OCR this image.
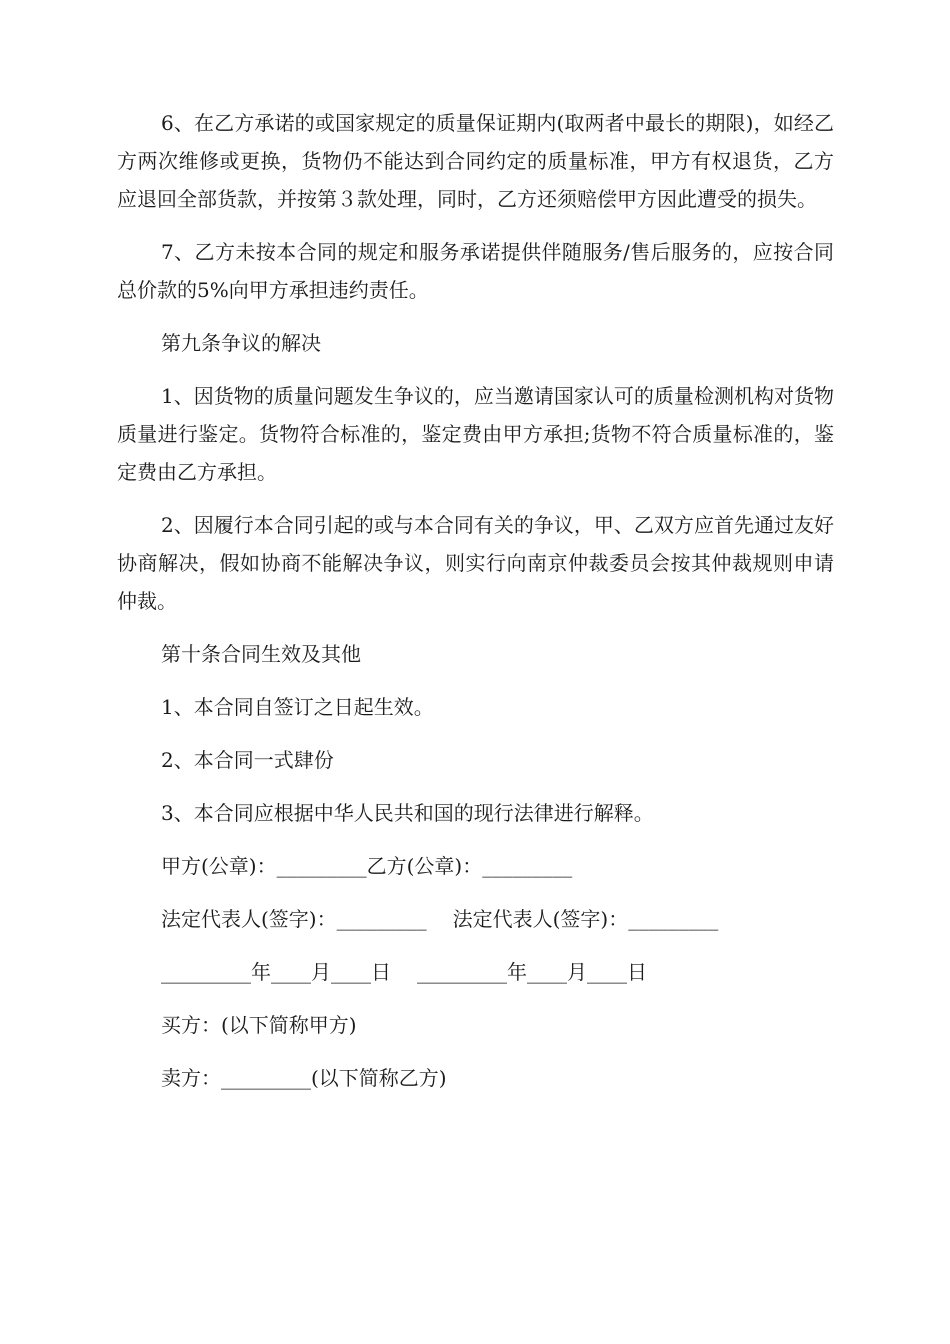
6、在乙方承诺的或国家规定的质量保证期内(取两者中最长的期限)，如经乙方两次维修或更换，货物仍不能达到合同约定的质量标准，甲方有权退货，乙方应退回全部货款，并按第３款处理，同时，乙方还须赔偿甲方因此遭受的损失。

7、乙方未按本合同的规定和服务承诺提供伴随服务/售后服务的，应按合同总价款的5%向甲方承担违约责任。

第九条争议的解决

1、因货物的质量问题发生争议的，应当邀请国家认可的质量检测机构对货物质量进行鉴定。货物符合标准的，鉴定费由甲方承担;货物不符合质量标准的，鉴定费由乙方承担。

2、因履行本合同引起的或与本合同有关的争议，甲、乙双方应首先通过友好协商解决，假如协商不能解决争议，则实行向南京仲裁委员会按其仲裁规则申请仲裁。

第十条合同生效及其他

1、本合同自签订之日起生效。

2、本合同一式肆份

3、本合同应根据中华人民共和国的现行法律进行解释。

甲方(公章)：_________乙方(公章)：_________
法定代表人(签字)：_________ 法定代表人(签字)：_________
_________年____月____日 _________年____月____日

买方：(以下简称甲方)

卖方：_________(以下简称乙方)
